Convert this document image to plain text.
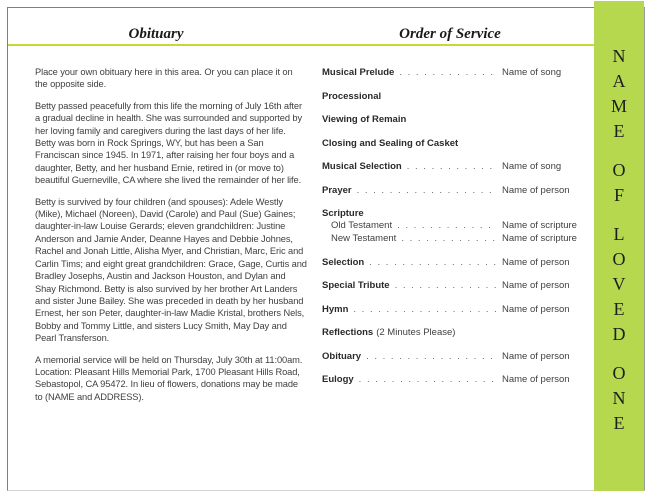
Obituary	Order of Service

Place your own obituary here in this area. Or you can place it on the opposite side.

Betty passed peacefully from this life the morning of July 16th after a gradual decline in health. She was surrounded and supported by her loving family and caregivers during the last days of her life. Betty was born in Rock Springs, WY, but has been a San Franciscan since 1945. In 1971, after raising her four boys and a daughter, Betty, and her husband Ernie, retired in (or move to) beautiful Guerneville, CA where she lived the remainder of her life.

Betty is survived by four children (and spouses): Adele Westly (Mike), Michael (Noreen), David (Carole) and Paul (Sue) Gaines; daughter-in-law Louise Gerards; eleven grandchildren: Justine Anderson and Jamie Ander, Deanne Hayes and Debbie Johnes, Rachel and Jonah Little, Alisha Myer, and Christian, Marc, Eric and Carlin Tims; and eight great grandchildren: Grace, Gage, Curtis and Bradley Josephs, Austin and Jackson Houston, and Dylan and Shay Richmond. Betty is also survived by her brother Art Landers and sister June Bailey. She was preceded in death by her husband Ernest, her son Peter, daughter-in-law Madie Kristal, brothers Nels, Bobby and Tommy Little, and sisters Lucy Smith, May Day and Pearl Transferson.

A memorial service will be held on Thursday, July 30th at 11:00am. Location: Pleasant Hills Memorial Park, 1700 Pleasant Hills Road, Sebastopol, CA 95472. In lieu of flowers, donations may be made to (NAME and ADDRESS).

Musical Prelude . . .	Name of song
Processional
Viewing of Remain
Closing and Sealing of Casket
Musical Selection . . .	Name of song
Prayer . . .	Name of person
Scripture
Old Testament . . .	Name of scripture
New Testament . . .	Name of scripture
Selection . . .	Name of person
Special Tribute . . .	Name of person
Hymn . . .	Name of person
Reflections (2 Minutes Please)
Obituary . . .	Name of person
Eulogy . . .	Name of person
N
A
M
E
O
F
L
O
V
E
D
O
N
E
